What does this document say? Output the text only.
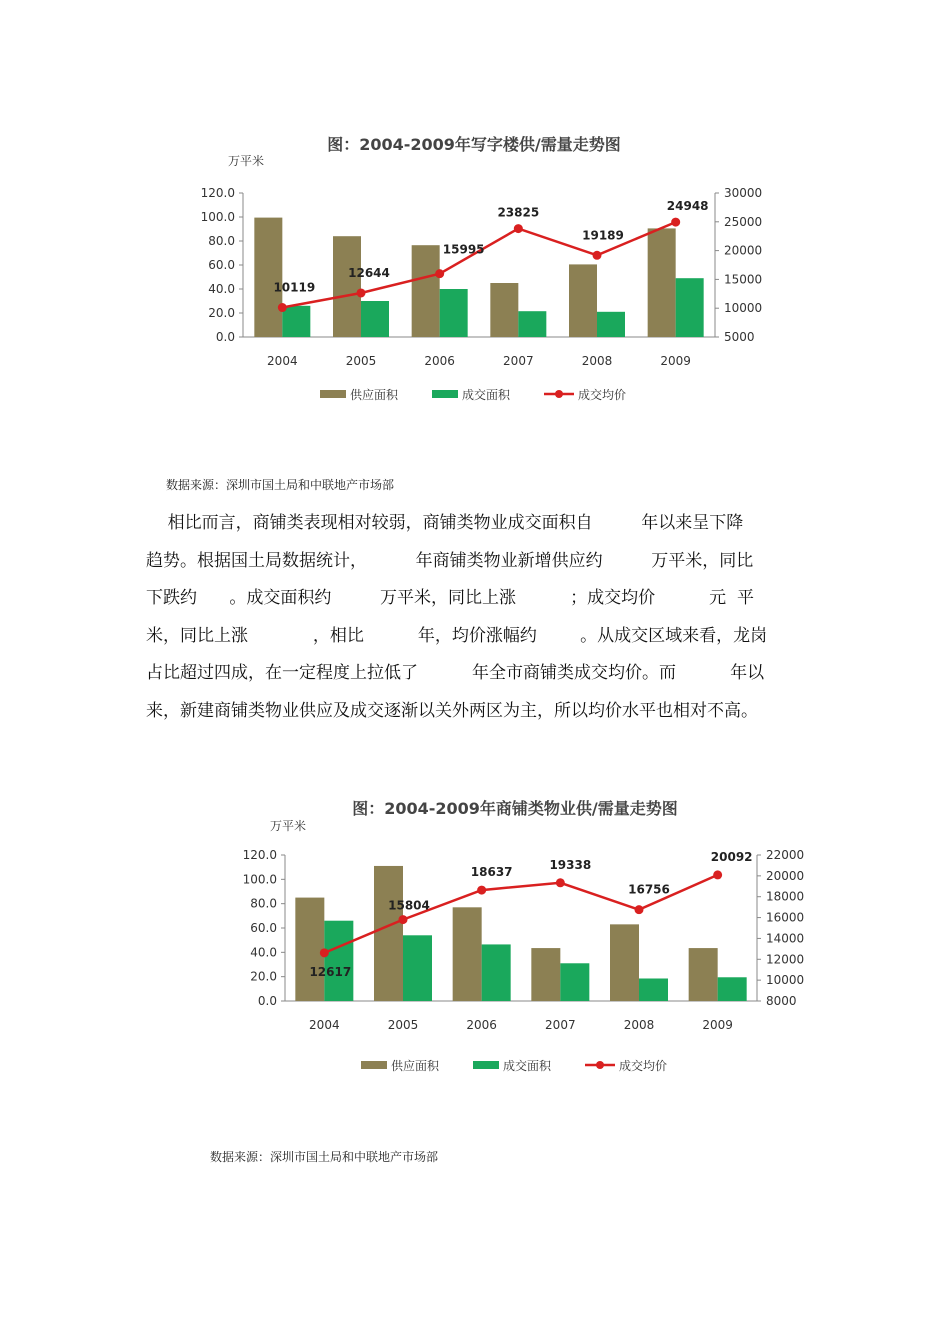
图：2004-2009年写字楼供/需量走势图
万平米
120.0
100.0
80.0
60.0
40.0
20.0
0.0
30000
25000
20000
15000
10000
5000
2004	2005	2006	2007	2008	2009
10119
12644
15995
23825
19189
24948
供应面积	成交面积	成交均价
数据来源：深圳市国土局和中联地产市场部
相比而言，商铺类表现相对较弱，商铺类物业成交面积自         年以来呈下降
趋势。根据国土局数据统计，         年商铺类物业新增供应约         万平米，同比
下跌约      。成交面积约         万平米，同比上涨          ；成交均价          元  平
米，同比上涨            ，相比          年，均价涨幅约        。从成交区域来看，龙岗
占比超过四成，在一定程度上拉低了          年全市商铺类成交均价。而          年以
来，新建商铺类物业供应及成交逐渐以关外两区为主，所以均价水平也相对不高。
图：2004-2009年商铺类物业供/需量走势图
万平米
120.0
100.0
80.0
60.0
40.0
20.0
0.0
22000
20000
18000
16000
14000
12000
10000
8000
2004	2005	2006	2007	2008	2009
12617
15804
18637
19338
16756
20092
供应面积	成交面积	成交均价
数据来源：深圳市国土局和中联地产市场部
